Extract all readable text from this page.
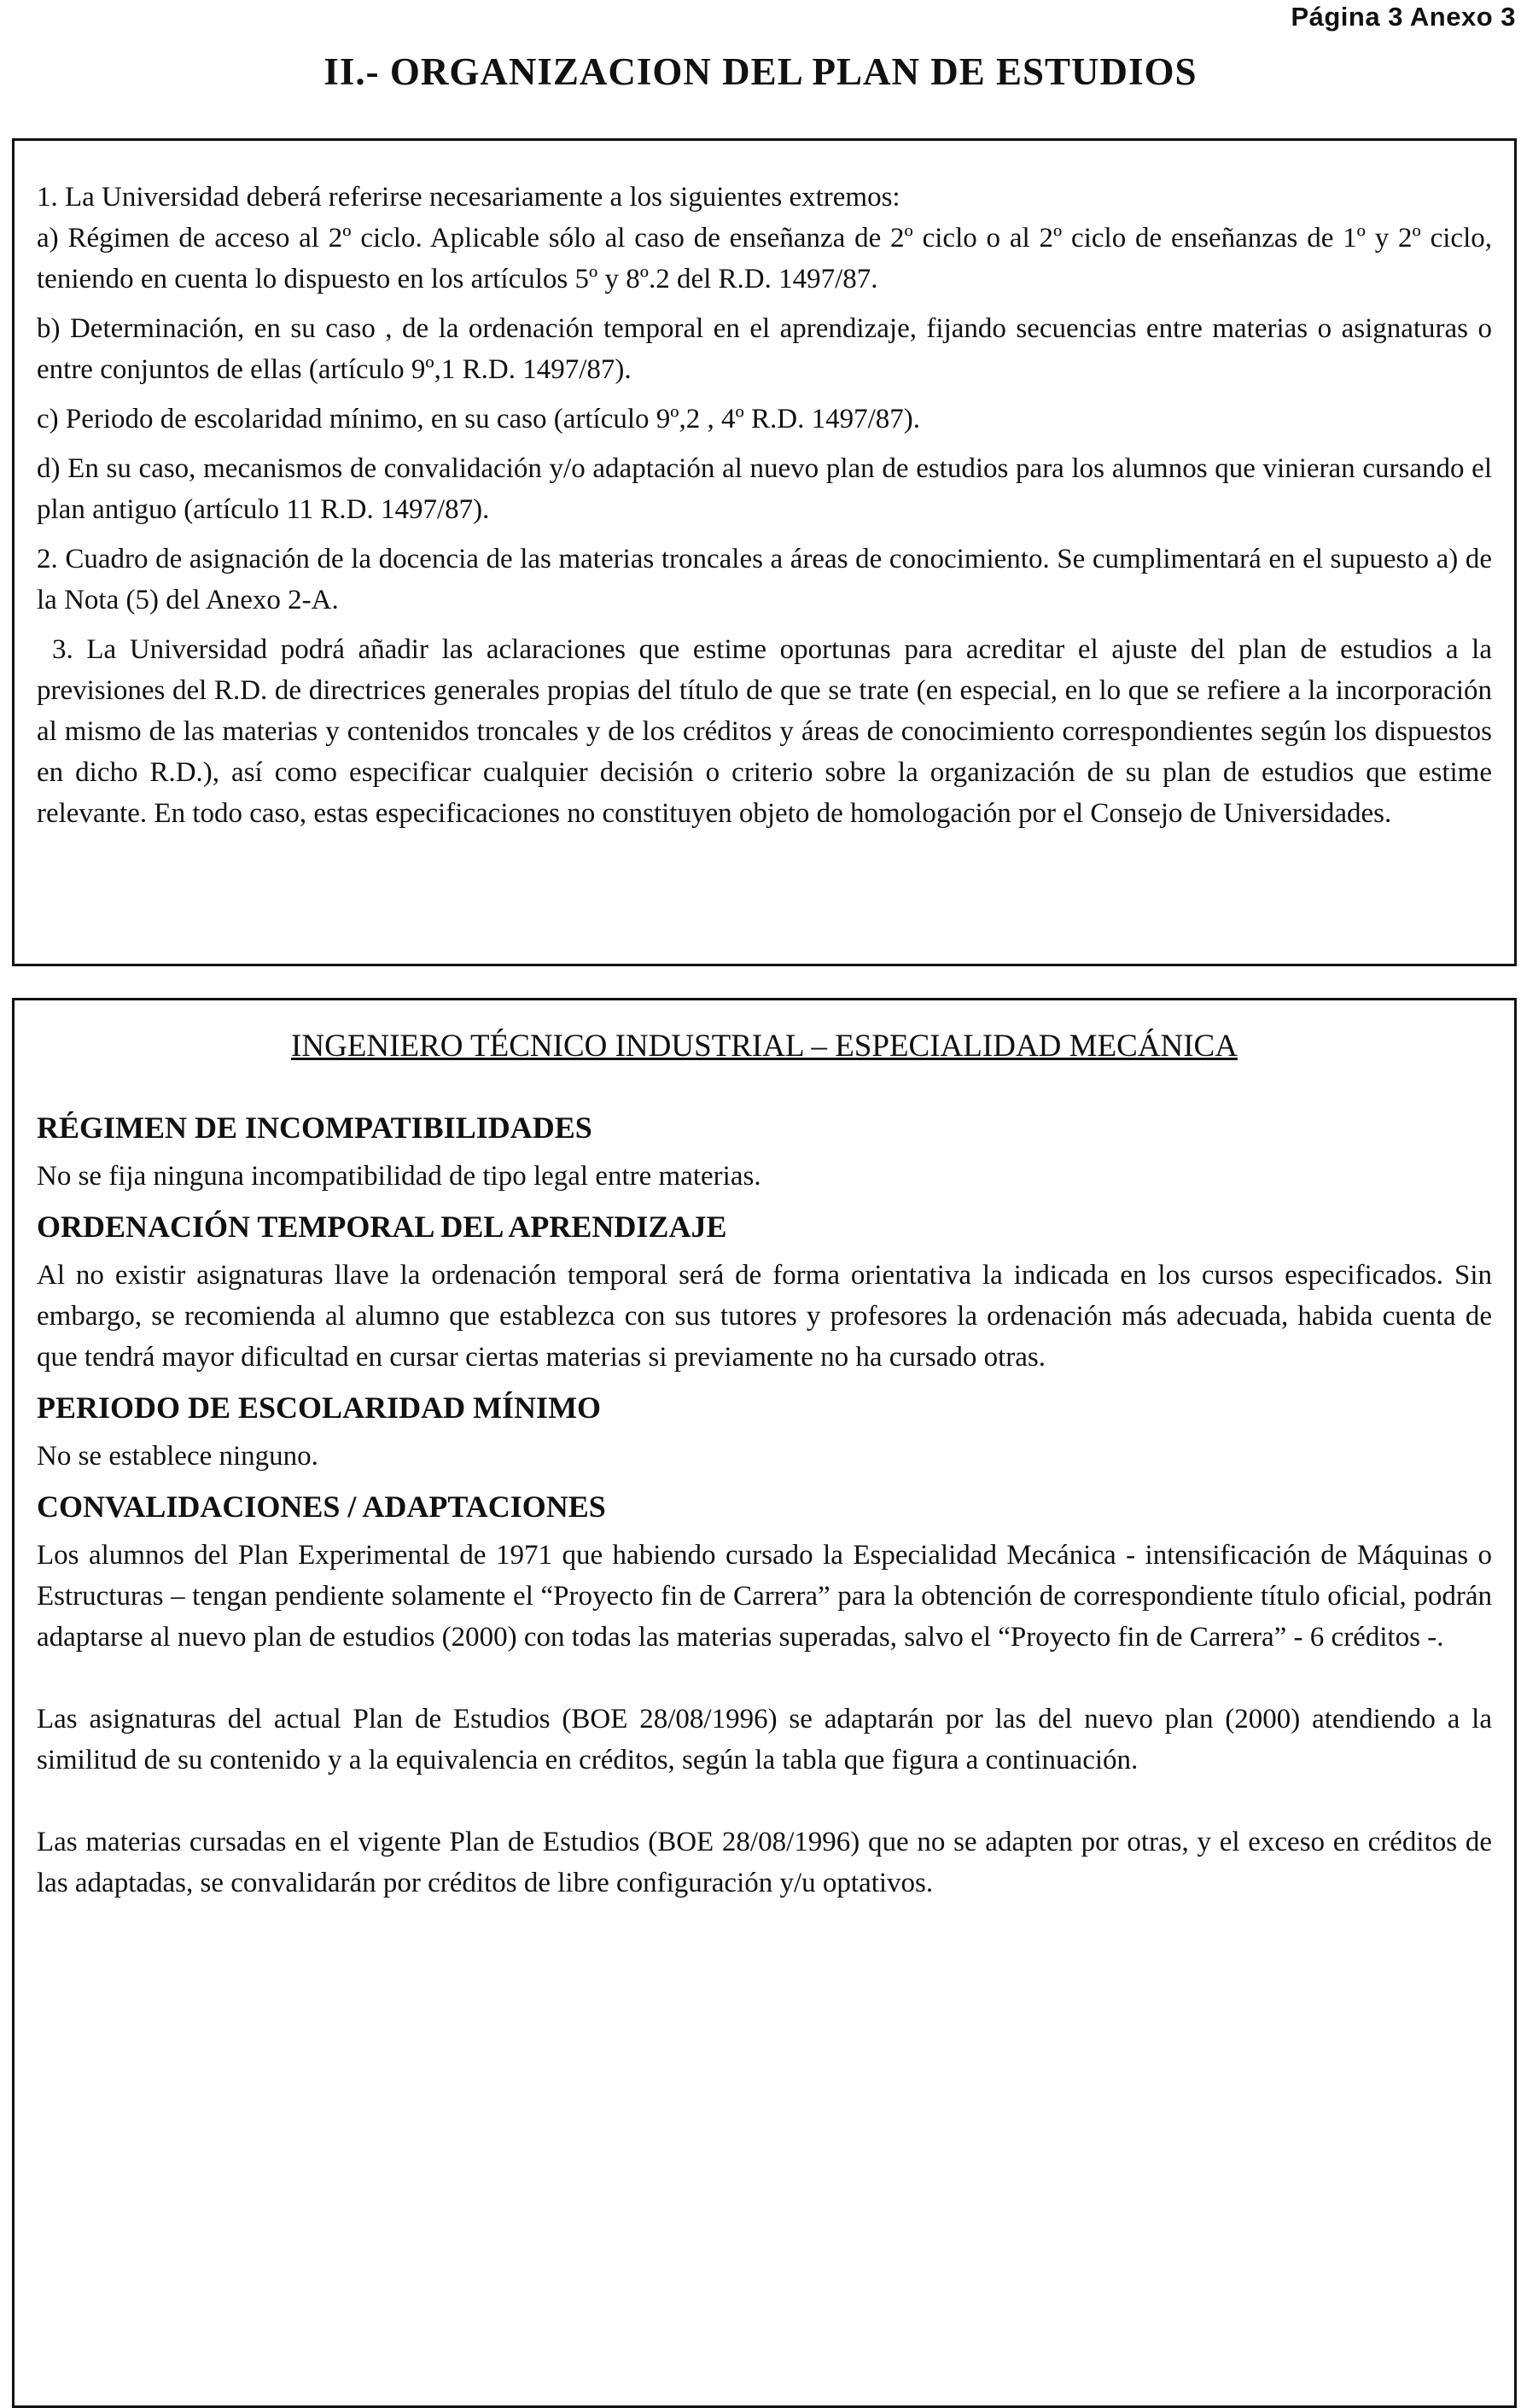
Página 3 Anexo 3
II.- ORGANIZACION DEL PLAN DE ESTUDIOS

1. La Universidad deberá referirse necesariamente a los siguientes extremos:

a) Régimen de acceso al 2º ciclo. Aplicable sólo al caso de enseñanza de 2º ciclo o al 2º ciclo de enseñanzas de 1º y 2º ciclo, teniendo en cuenta lo dispuesto en los artículos 5º y 8º.2 del R.D. 1497/87.

b) Determinación, en su caso , de la ordenación temporal en el aprendizaje, fijando secuencias entre materias o asignaturas o entre conjuntos de ellas (artículo 9º,1 R.D. 1497/87).

c) Periodo de escolaridad mínimo, en su caso (artículo 9º,2 , 4º R.D. 1497/87).

d) En su caso, mecanismos de convalidación y/o adaptación al nuevo plan de estudios para los alumnos que vinieran cursando el plan antiguo (artículo 11 R.D. 1497/87).

2. Cuadro de asignación de la docencia de las materias troncales a áreas de conocimiento. Se cumplimentará en el supuesto a) de la Nota (5) del Anexo 2-A.

3. La Universidad podrá añadir las aclaraciones que estime oportunas para acreditar el ajuste del plan de estudios a la previsiones del R.D. de directrices generales propias del título de que se trate (en especial, en lo que se refiere a la incorporación al mismo de las materias y contenidos troncales y de los créditos y áreas de conocimiento correspondientes según los dispuestos en dicho R.D.), así como especificar cualquier decisión o criterio sobre la organización de su plan de estudios que estime relevante. En todo caso, estas especificaciones no constituyen objeto de homologación por el Consejo de Universidades.

INGENIERO TÉCNICO INDUSTRIAL – ESPECIALIDAD MECÁNICA
RÉGIMEN DE INCOMPATIBILIDADES

No se fija ninguna incompatibilidad de tipo legal entre materias.

ORDENACIÓN TEMPORAL DEL APRENDIZAJE

Al no existir asignaturas llave la ordenación temporal será de forma orientativa la indicada en los cursos especificados. Sin embargo, se recomienda al alumno que establezca con sus tutores y profesores la ordenación más adecuada, habida cuenta de que tendrá mayor dificultad en cursar ciertas materias si previamente no ha cursado otras.

PERIODO DE ESCOLARIDAD MÍNIMO

No se establece ninguno.

CONVALIDACIONES / ADAPTACIONES

Los alumnos del Plan Experimental de 1971 que habiendo cursado la Especialidad Mecánica - intensificación de Máquinas o Estructuras – tengan pendiente solamente el “Proyecto fin de Carrera” para la obtención de correspondiente título oficial, podrán adaptarse al nuevo plan de estudios (2000) con todas las materias superadas, salvo el “Proyecto fin de Carrera” - 6 créditos -.

Las asignaturas del actual Plan de Estudios (BOE 28/08/1996) se adaptarán por las del nuevo plan (2000) atendiendo a la similitud de su contenido y a la equivalencia en créditos, según la tabla que figura a continuación.

Las materias cursadas en el vigente Plan de Estudios (BOE 28/08/1996) que no se adapten por otras, y el exceso en créditos de las adaptadas, se convalidarán por créditos de libre configuración y/u optativos.
